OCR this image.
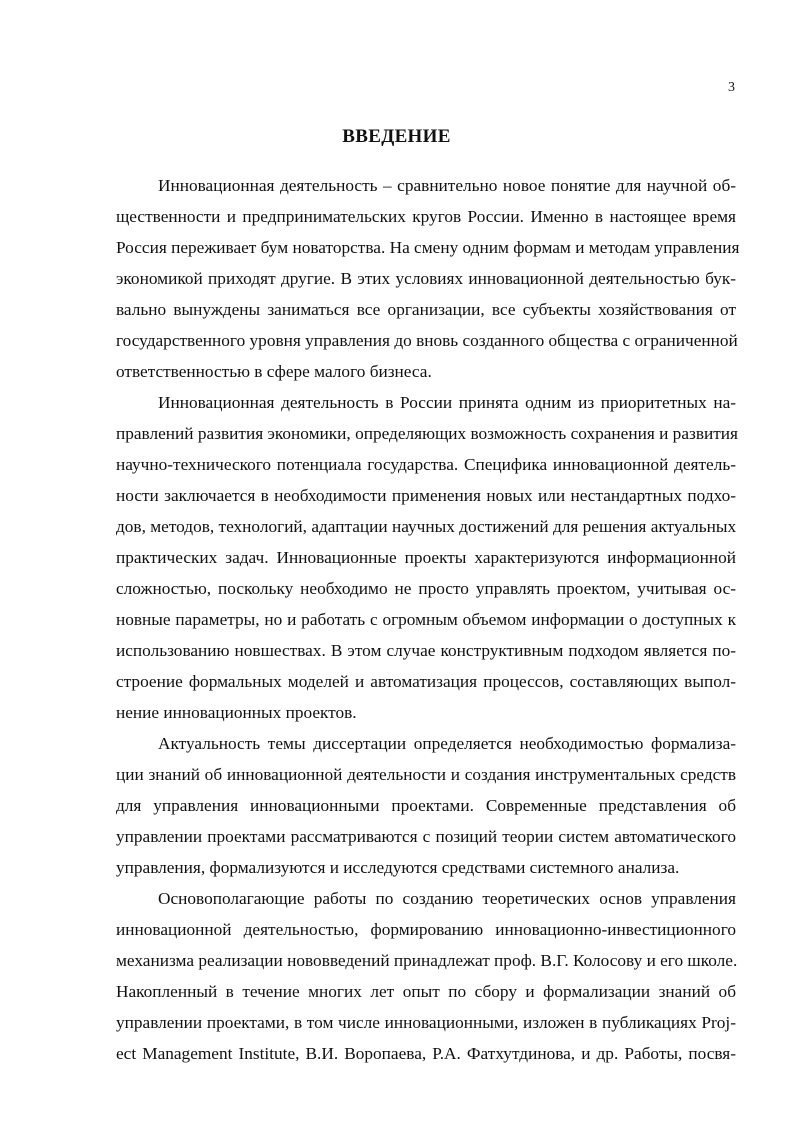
3
ВВЕДЕНИЕ
Инновационная деятельность – сравнительно новое понятие для научной об-
щественности и предпринимательских кругов России. Именно в настоящее время
Россия переживает бум новаторства. На смену одним формам и методам управления
экономикой приходят другие. В этих условиях инновационной деятельностью бук-
вально вынуждены заниматься все организации, все субъекты хозяйствования от
государственного уровня управления до вновь созданного общества с ограниченной
ответственностью в сфере малого бизнеса.
Инновационная деятельность в России принята одним из приоритетных на-
правлений развития экономики, определяющих возможность сохранения и развития
научно-технического потенциала государства. Специфика инновационной деятель-
ности заключается в необходимости применения новых или нестандартных подхо-
дов, методов, технологий, адаптации научных достижений для решения актуальных
практических задач. Инновационные проекты характеризуются информационной
сложностью, поскольку необходимо не просто управлять проектом, учитывая ос-
новные параметры, но и работать с огромным объемом информации о доступных к
использованию новшествах. В этом случае конструктивным подходом является по-
строение формальных моделей и автоматизация процессов, составляющих выпол-
нение инновационных проектов.
Актуальность темы диссертации определяется необходимостью формализа-
ции знаний об инновационной деятельности и создания инструментальных средств
для управления инновационными проектами. Современные представления об
управлении проектами рассматриваются с позиций теории систем автоматического
управления, формализуются и исследуются средствами системного анализа.
Основополагающие работы по созданию теоретических основ управления
инновационной деятельностью, формированию инновационно-инвестиционного
механизма реализации нововведений принадлежат проф. В.Г. Колосову и его школе.
Накопленный в течение многих лет опыт по сбору и формализации знаний об
управлении проектами, в том числе инновационными, изложен в публикациях Proj-
ect Management Institute, В.И. Воропаева, Р.А. Фатхутдинова, и др. Работы, посвя-
